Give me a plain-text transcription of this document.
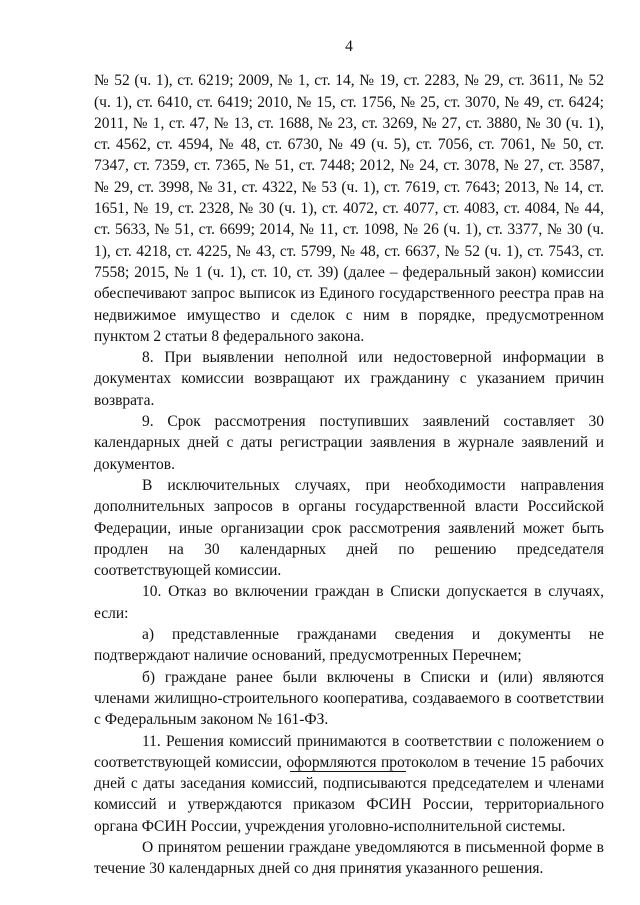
4

№ 52 (ч. 1), ст. 6219; 2009, № 1, ст. 14, № 19, ст. 2283, № 29, ст. 3611, № 52 (ч. 1), ст. 6410, ст. 6419; 2010, № 15, ст. 1756, № 25, ст. 3070, № 49, ст. 6424; 2011, № 1, ст. 47, № 13, ст. 1688, № 23, ст. 3269, № 27, ст. 3880, № 30 (ч. 1), ст. 4562, ст. 4594, № 48, ст. 6730, № 49 (ч. 5), ст. 7056, ст. 7061, № 50, ст. 7347, ст. 7359, ст. 7365, № 51, ст. 7448; 2012, № 24, ст. 3078, № 27, ст. 3587, № 29, ст. 3998, № 31, ст. 4322, № 53 (ч. 1), ст. 7619, ст. 7643; 2013, № 14, ст. 1651, № 19, ст. 2328, № 30 (ч. 1), ст. 4072, ст. 4077, ст. 4083, ст. 4084, № 44, ст. 5633, № 51, ст. 6699; 2014, № 11, ст. 1098, № 26 (ч. 1), ст. 3377, № 30 (ч. 1), ст. 4218, ст. 4225, № 43, ст. 5799, № 48, ст. 6637, № 52 (ч. 1), ст. 7543, ст. 7558; 2015, № 1 (ч. 1), ст. 10, ст. 39) (далее – федеральный закон) комиссии обеспечивают запрос выписок из Единого государственного реестра прав на недвижимое имущество и сделок с ним в порядке, предусмотренном пунктом 2 статьи 8 федерального закона.

8. При выявлении неполной или недостоверной информации в документах комиссии возвращают их гражданину с указанием причин возврата.

9. Срок рассмотрения поступивших заявлений составляет 30 календарных дней с даты регистрации заявления в журнале заявлений и документов.

В исключительных случаях, при необходимости направления дополнительных запросов в органы государственной власти Российской Федерации, иные организации срок рассмотрения заявлений может быть продлен на 30 календарных дней по решению председателя соответствующей комиссии.

10. Отказ во включении граждан в Списки допускается в случаях, если:

а) представленные гражданами сведения и документы не подтверждают наличие оснований, предусмотренных Перечнем;

б) граждане ранее были включены в Списки и (или) являются членами жилищно-строительного кооператива, создаваемого в соответствии с Федеральным законом № 161-ФЗ.

11. Решения комиссий принимаются в соответствии с положением о соответствующей комиссии, оформляются протоколом в течение 15 рабочих дней с даты заседания комиссий, подписываются председателем и членами комиссий и утверждаются приказом ФСИН России, территориального органа ФСИН России, учреждения уголовно-исполнительной системы.

О принятом решении граждане уведомляются в письменной форме в течение 30 календарных дней со дня принятия указанного решения.
